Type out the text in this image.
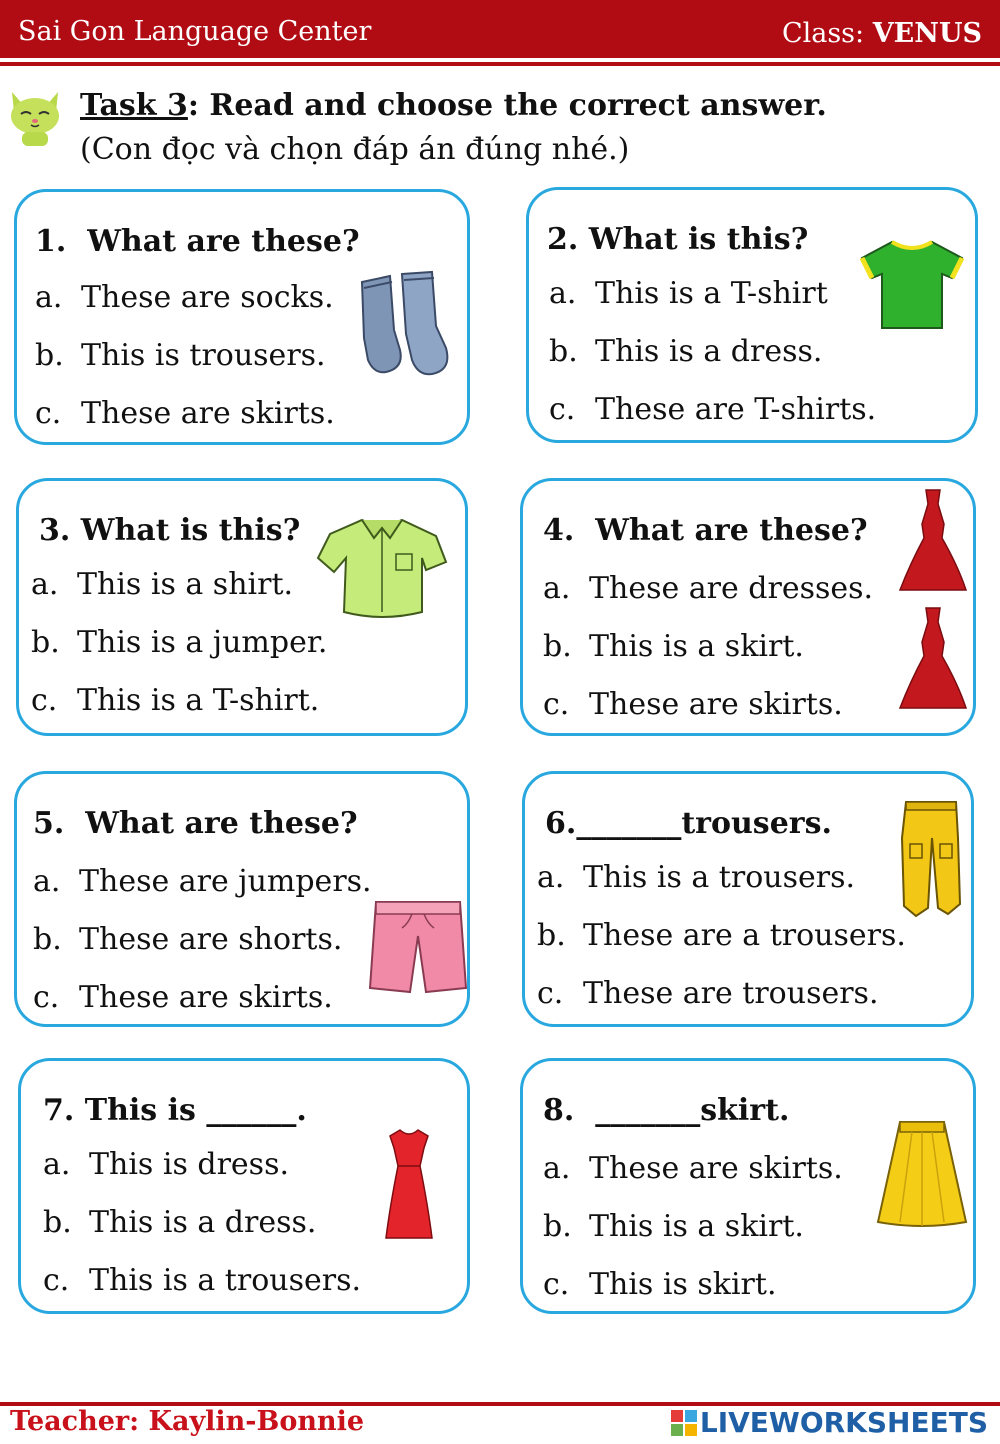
Sai Gon Language Center	Class: VENUS
Task 3: Read and choose the correct answer.
(Con đọc và chọn đáp án đúng nhé.)
1.  What are these?
a. These are socks.
b. This is trousers.
c. These are skirts.
2. What is this?
a. This is a T-shirt
b. This is a dress.
c. These are T-shirts.
3. What is this?
a. This is a shirt.
b. This is a jumper.
c. This is a T-shirt.
4.  What are these?
a. These are dresses.
b. This is a skirt.
c. These are skirts.
5.  What are these?
a. These are jumpers.
b. These are shorts.
c. These are skirts.
6._______trousers.
a. This is a trousers.
b. These are a trousers.
c. These are trousers.
7. This is ______.
a. This is dress.
b. This is a dress.
c. This is a trousers.
8.  _______skirt.
a. These are skirts.
b. This is a skirt.
c. This is skirt.
Teacher: Kaylin-Bonnie	LIVEWORKSHEETS
